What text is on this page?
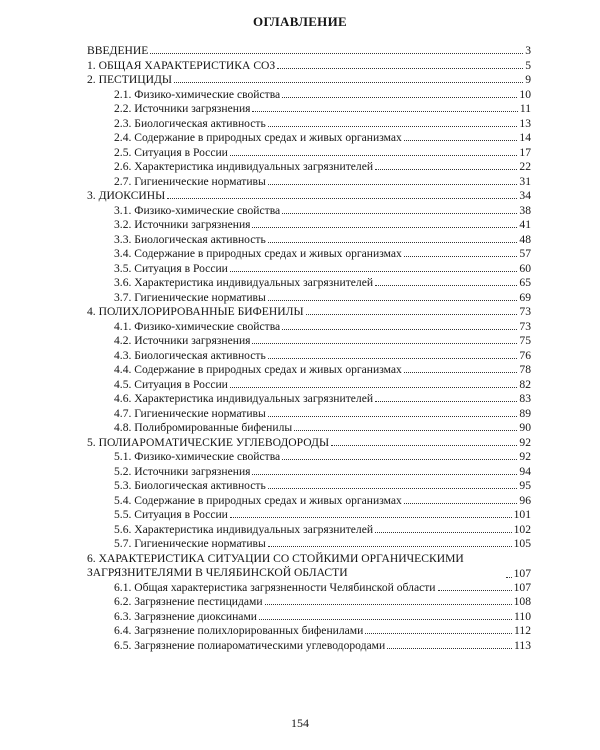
ОГЛАВЛЕНИЕ
ВВЕДЕНИЕ	3
1. ОБЩАЯ ХАРАКТЕРИСТИКА СОЗ	5
2. ПЕСТИЦИДЫ	9
2.1. Физико-химические свойства	10
2.2. Источники загрязнения	11
2.3. Биологическая активность	13
2.4. Содержание в природных средах и живых организмах	14
2.5. Ситуация в России	17
2.6. Характеристика индивидуальных загрязнителей	22
2.7. Гигиенические нормативы	31
3. ДИОКСИНЫ	34
3.1. Физико-химические свойства	38
3.2. Источники загрязнения	41
3.3. Биологическая активность	48
3.4. Содержание в природных средах и живых организмах	57
3.5. Ситуация в России	60
3.6. Характеристика индивидуальных загрязнителей	65
3.7. Гигиенические нормативы	69
4. ПОЛИХЛОРИРОВАННЫЕ БИФЕНИЛЫ	73
4.1. Физико-химические свойства	73
4.2. Источники загрязнения	75
4.3. Биологическая активность	76
4.4. Содержание в природных средах и живых организмах	78
4.5. Ситуация в России	82
4.6. Характеристика индивидуальных загрязнителей	83
4.7. Гигиенические нормативы	89
4.8. Полибромированные бифенилы	90
5. ПОЛИАРОМАТИЧЕСКИЕ УГЛЕВОДОРОДЫ	92
5.1. Физико-химические свойства	92
5.2. Источники загрязнения	94
5.3. Биологическая активность	95
5.4. Содержание в природных средах и живых организмах	96
5.5. Ситуация в России	101
5.6. Характеристика индивидуальных загрязнителей	102
5.7. Гигиенические нормативы	105
6. ХАРАКТЕРИСТИКА СИТУАЦИИ СО СТОЙКИМИ ОРГАНИЧЕСКИМИ ЗАГРЯЗНИТЕЛЯМИ В ЧЕЛЯБИНСКОЙ ОБЛАСТИ	107
6.1. Общая характеристика загрязненности Челябинской области	107
6.2. Загрязнение пестицидами	108
6.3. Загрязнение диоксинами	110
6.4. Загрязнение полихлорированных бифенилами	112
6.5. Загрязнение полиароматическими углеводородами	113
154
